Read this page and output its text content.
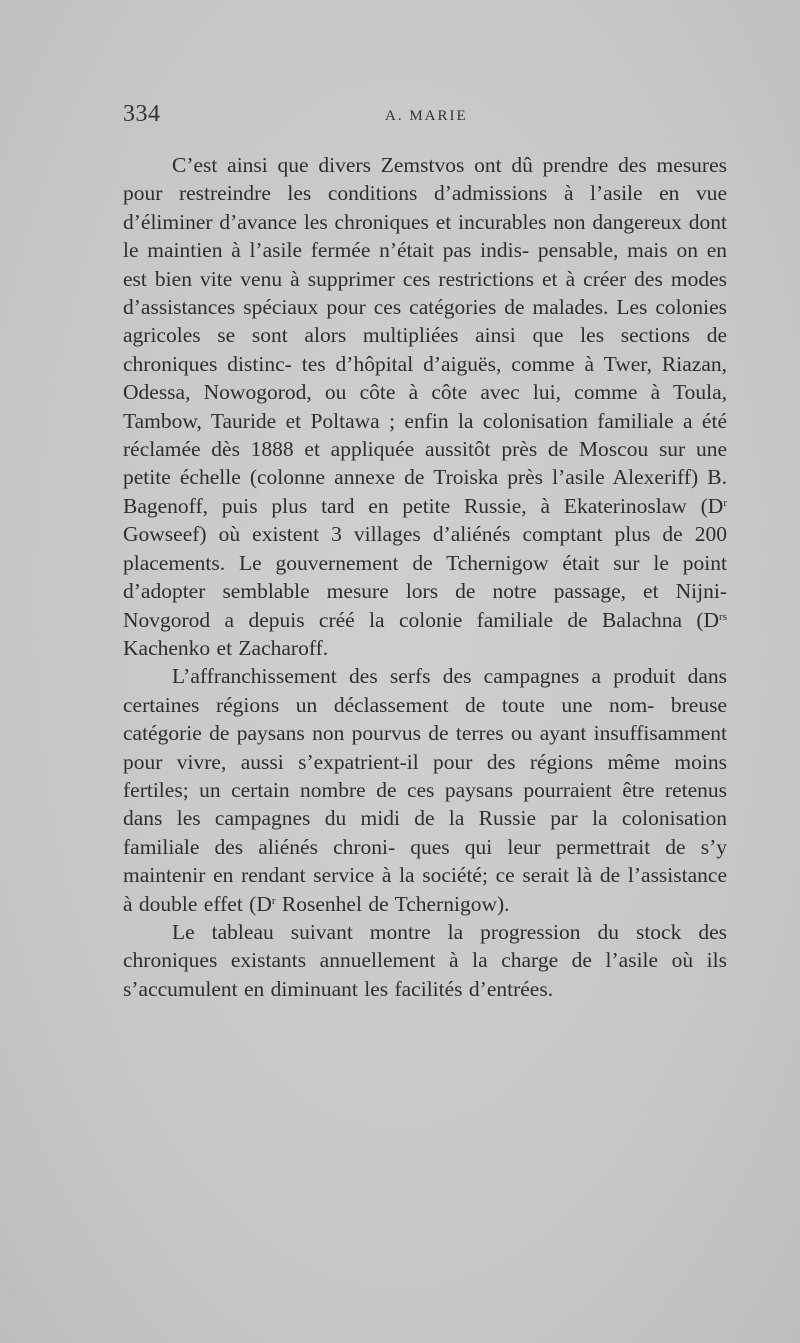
334	A. MARIE

C’est ainsi que divers Zemstvos ont dû prendre des mesures pour restreindre les conditions d’admissions à l’asile en vue d’éliminer d’avance les chroniques et incurables non dangereux dont le maintien à l’asile fermée n’était pas indis- pensable, mais on en est bien vite venu à supprimer ces restrictions et à créer des modes d’assistances spéciaux pour ces catégories de malades. Les colonies agricoles se sont alors multipliées ainsi que les sections de chroniques distinc- tes d’hôpital d’aiguës, comme à Twer, Riazan, Odessa, Nowogorod, ou côte à côte avec lui, comme à Toula, Tambow, Tauride et Poltawa ; enfin la colonisation familiale a été réclamée dès 1888 et appliquée aussitôt près de Moscou sur une petite échelle (colonne annexe de Troiska près l’asile Alexeriff) B. Bagenoff, puis plus tard en petite Russie, à Ekaterinoslaw ($D^r$ Gowseef) où existent 3 villages d’aliénés comptant plus de 200 placements. Le gouvernement de Tchernigow était sur le point d’adopter semblable mesure lors de notre passage, et Nijni-Novgorod a depuis créé la colonie familiale de Balachna ($D^{rs}$ Kachenko et Zacharoff.

L’affranchissement des serfs des campagnes a produit dans certaines régions un déclassement de toute une nom- breuse catégorie de paysans non pourvus de terres ou ayant insuffisamment pour vivre, aussi s’expatrient-il pour des régions même moins fertiles; un certain nombre de ces paysans pourraient être retenus dans les campagnes du midi de la Russie par la colonisation familiale des aliénés chroni- ques qui leur permettrait de s’y maintenir en rendant service à la société; ce serait là de l’assistance à double effet ($D^r$ Rosenhel de Tchernigow).

Le tableau suivant montre la progression du stock des chroniques existants annuellement à la charge de l’asile où ils s’accumulent en diminuant les facilités d’entrées.
